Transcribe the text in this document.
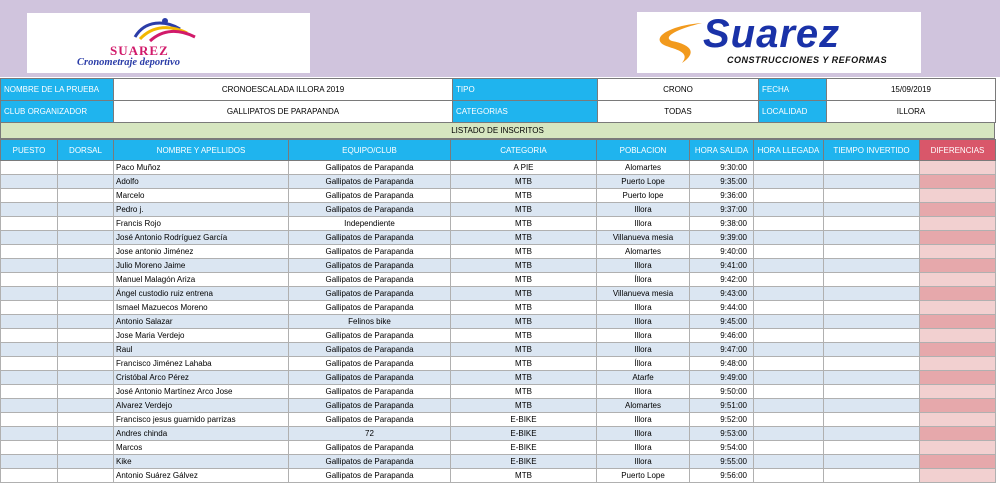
SUAREZ
Cronometraje deportivo
Suarez
CONSTRUCCIONES Y REFORMAS
NOMBRE DE LA PRUEBA	CRONOESCALADA ILLORA 2019	TIPO	CRONO	FECHA	15/09/2019
CLUB ORGANIZADOR	GALLIPATOS DE PARAPANDA	CATEGORIAS	TODAS	LOCALIDAD	ILLORA
LISTADO DE INSCRITOS
PUESTO	DORSAL	NOMBRE Y APELLIDOS	EQUIPO/CLUB	CATEGORIA	POBLACION	HORA SALIDA	HORA LLEGADA	TIEMPO INVERTIDO	DIFERENCIAS
		Paco Muñoz	Gallipatos de Parapanda	A PIE	Alomartes	9:30:00			
		Adolfo	Gallipatos de Parapanda	MTB	Puerto Lope	9:35:00			
		Marcelo	Gallipatos de Parapanda	MTB	Puerto lope	9:36:00			
		Pedro j.	Gallipatos de Parapanda	MTB	Illora	9:37:00			
		Francis Rojo	Independiente	MTB	Illora	9:38:00			
		José Antonio Rodríguez García	Gallipatos de Parapanda	MTB	Villanueva mesia	9:39:00			
		Jose antonio Jiménez	Gallipatos de Parapanda	MTB	Alomartes	9:40:00			
		Julio Moreno Jaime	Gallipatos de Parapanda	MTB	Illora	9:41:00			
		Manuel Malagón Ariza	Gallipatos de Parapanda	MTB	Íllora	9:42:00			
		Ángel custodio ruiz entrena	Gallipatos de Parapanda	MTB	Villanueva mesia	9:43:00			
		Ismael Mazuecos Moreno	Gallipatos de Parapanda	MTB	Illora	9:44:00			
		Antonio Salazar	Felinos bike	MTB	Illora	9:45:00			
		Jose Maria Verdejo	Gallipatos de Parapanda	MTB	Illora	9:46:00			
		Raul	Gallipatos de Parapanda	MTB	Illora	9:47:00			
		Francisco Jiménez Lahaba	Gallipatos de Parapanda	MTB	Íllora	9:48:00			
		Cristóbal Arco Pérez	Gallipatos de Parapanda	MTB	Atarfe	9:49:00			
		José Antonio Martínez Arco Jose	Gallipatos de Parapanda	MTB	Illora	9:50:00			
		Alvarez Verdejo	Gallipatos de Parapanda	MTB	Alomartes	9:51:00			
		Francisco jesus guarnido parrizas	Gallipatos de Parapanda	E-BIKE	Illora	9:52:00			
		Andres chinda	72	E-BIKE	Illora	9:53:00			
		Marcos	Gallipatos de Parapanda	E-BIKE	Illora	9:54:00			
		Kike	Gallipatos de Parapanda	E-BIKE	Illora	9:55:00			
		Antonio Suárez Gálvez	Gallipatos de Parapanda	MTB	Puerto Lope	9:56:00			
